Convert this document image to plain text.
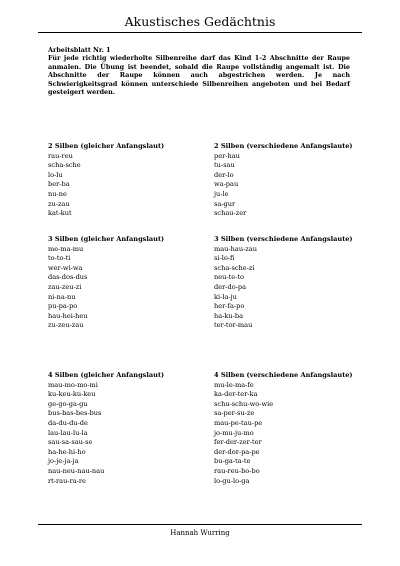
Akustisches Gedächtnis
Arbeitsblatt Nr. 1
Für jede richtig wiederholte Silbenreihe darf das Kind 1-2 Abschnitte der Raupe anmalen. Die Übung ist beendet, sobald die Raupe vollständig angemalt ist. Die Abschnitte der Raupe können auch abgestrichen werden. Je nach Schwierigkeitsgrad können unterschiede Silbenreihen angeboten und bei Bedarf gesteigert werden.
2 Silben (gleicher Anfangslaut)
rau-reu
scha-sche
lo-lu
ber-ba
nu-ne
zu-zau
kat-kut
2 Silben (verschiedene Anfangslaute)
per-hau
tu-sau
der-lo
wa-pau
ju-le
sa-gur
schau-zer
3 Silben (gleicher Anfangslaut)
me-ma-mu
to-to-ti
wer-wi-wa
das-dos-dus
zau-zeu-zi
ni-na-nu
pu-pa-po
hau-hei-heu
zu-zeu-zau
3 Silben (verschiedene Anfangslaute)
mau-hau-zau
si-lo-fi
scha-sche-zi
neu-te-to
der-do-pa
ki-la-ju
her-fa-po
ha-ku-ba
ter-tor-mau
4 Silben (gleicher Anfangslaut)
mau-mo-mo-mi
ku-keu-ku-keu
ge-go-ga-gu
bus-bas-bes-bus
da-du-du-de
lau-lau-lu-la
sau-sa-sau-se
ha-he-hi-ho
jo-je-ja-ja
nau-neu-nau-nau
rt-rau-ra-re
4 Silben (verschiedene Anfangslaute)
mu-le-ma-fe
ka-der-ter-ka
schu-schu-wo-wie
sa-per-su-ze
mau-pe-tau-pe
jo-mu-ju-mo
fer-der-zer-ter
der-dor-pa-pe
bu-ga-ta-te
rau-reu-bo-bo
lo-gu-lo-ga
Hannah Wurring
